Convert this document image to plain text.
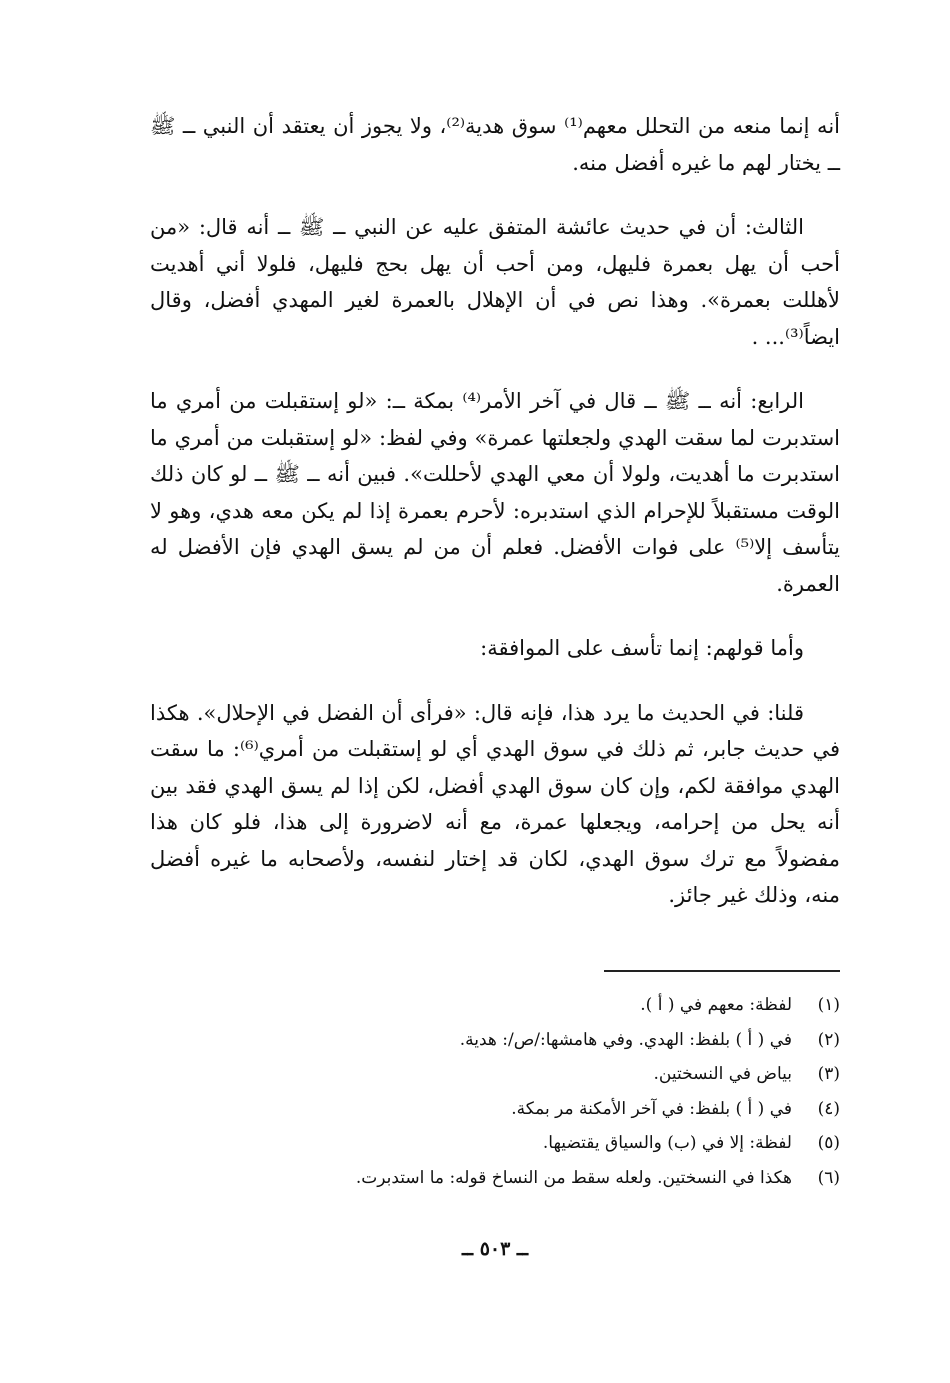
أنه إنما منعه من التحلل معهم⁽¹⁾ سوق هدية⁽²⁾، ولا يجوز أن يعتقد أن النبي ــ ﷺ ــ يختار لهم ما غيره أفضل منه.

الثالث: أن في حديث عائشة المتفق عليه عن النبي ــ ﷺ ــ أنه قال: «من أحب أن يهل بعمرة فليهل، ومن أحب أن يهل بحج فليهل، فلولا أني أهديت لأهللت بعمرة». وهذا نص في أن الإهلال بالعمرة لغير المهدي أفضل، وقال ايضاً⁽³⁾... .

الرابع: أنه ــ ﷺ ــ قال في آخر الأمر⁽⁴⁾ بمكة ــ: «لو إستقبلت من أمري ما استدبرت لما سقت الهدي ولجعلتها عمرة» وفي لفظ: «لو إستقبلت من أمري ما استدبرت ما أهديت، ولولا أن معي الهدي لأحللت». فبين أنه ــ ﷺ ــ لو كان ذلك الوقت مستقبلاً للإحرام الذي استدبره: لأحرم بعمرة إذا لم يكن معه هدي، وهو لا يتأسف إلا⁽⁵⁾ على فوات الأفضل. فعلم أن من لم يسق الهدي فإن الأفضل له العمرة.

وأما قولهم: إنما تأسف على الموافقة:

قلنا: في الحديث ما يرد هذا، فإنه قال: «فرأى أن الفضل في الإحلال». هكذا في حديث جابر، ثم ذلك في سوق الهدي أي لو إستقبلت من أمري⁽⁶⁾: ما سقت الهدي موافقة لكم، وإن كان سوق الهدي أفضل، لكن إذا لم يسق الهدي فقد بين أنه يحل من إحرامه، ويجعلها عمرة، مع أنه لاضرورة إلى هذا، فلو كان هذا مفضولاً مع ترك سوق الهدي، لكان قد إختار لنفسه، ولأصحابه ما غيره أفضل منه، وذلك غير جائز.

(١)
لفظة: معهم في ( أ ).
(٢)
في ( أ ) بلفظ: الهدي. وفي هامشها:/ص/: هدية.
(٣)
بياض في النسختين.
(٤)
في ( أ ) بلفظ: في آخر الأمكنة مر بمكة.
(٥)
لفظة: إلا في (ب) والسياق يقتضيها.
(٦)
هكذا في النسختين. ولعله سقط من النساخ قوله: ما استدبرت.
ــ ٥٠٣ ــ
